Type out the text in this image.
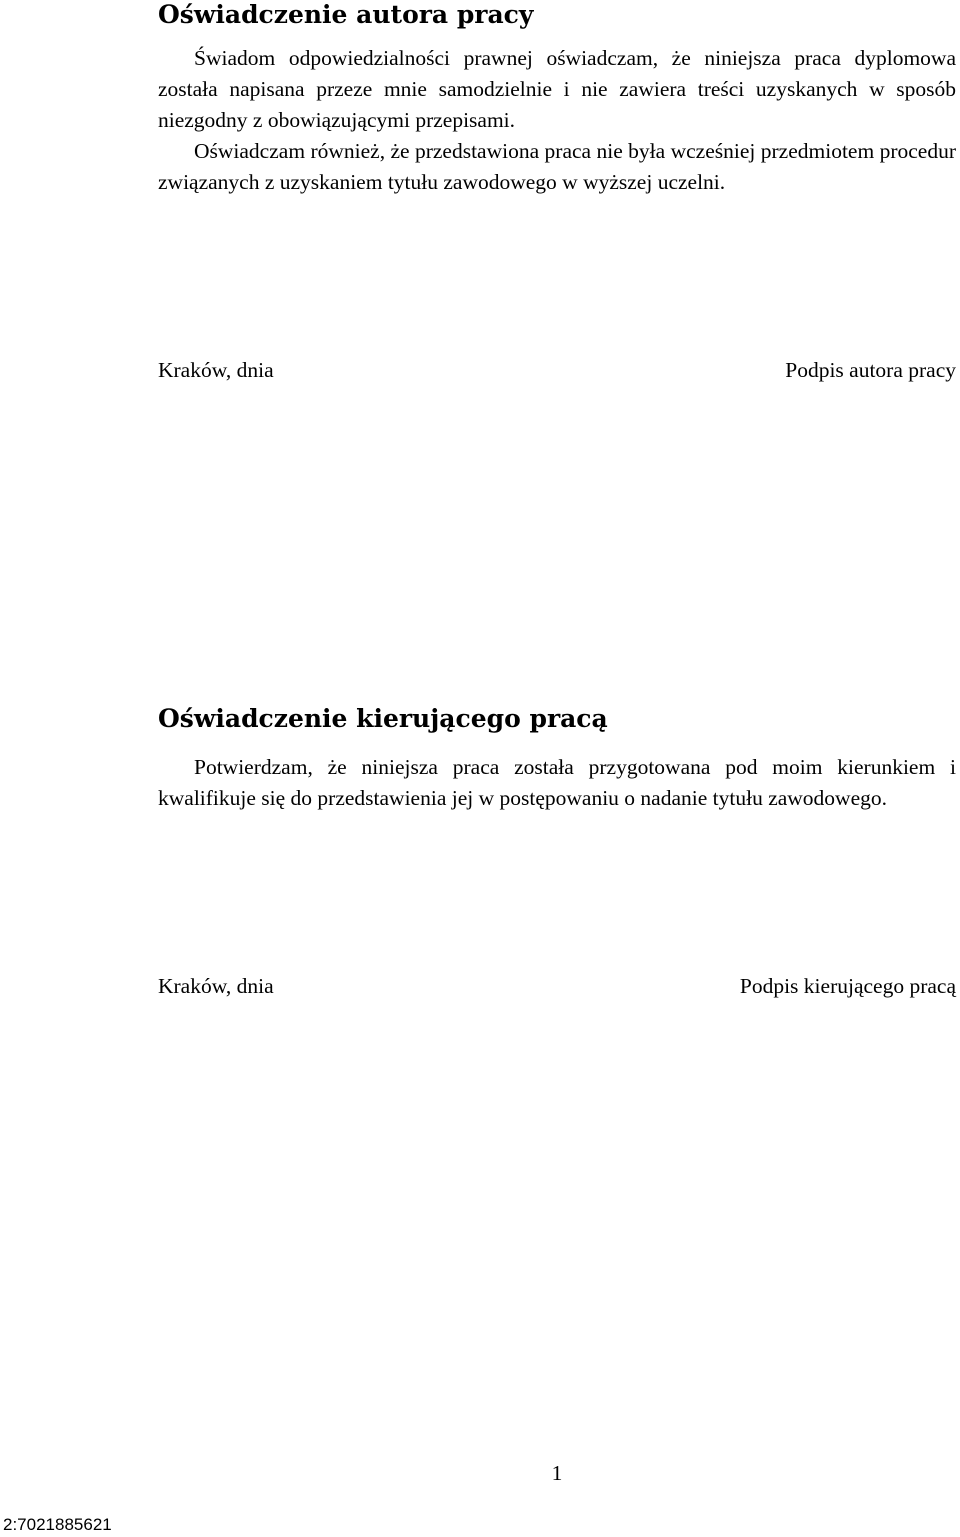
Oświadczenie autora pracy
Świadom odpowiedzialności prawnej oświadczam, że niniejsza praca dyplomowa została napisana przeze mnie samodzielnie i nie zawiera treści uzyskanych w sposób niezgodny z obowiązującymi przepisami.
Oświadczam również, że przedstawiona praca nie była wcześniej przedmiotem procedur związanych z uzyskaniem tytułu zawodowego w wyższej uczelni.
Kraków, dnia	Podpis autora pracy
Oświadczenie kierującego pracą
Potwierdzam, że niniejsza praca została przygotowana pod moim kierunkiem i kwalifikuje się do przedstawienia jej w postępowaniu o nadanie tytułu zawodowego.
Kraków, dnia	Podpis kierującego pracą
1
2:7021885621
